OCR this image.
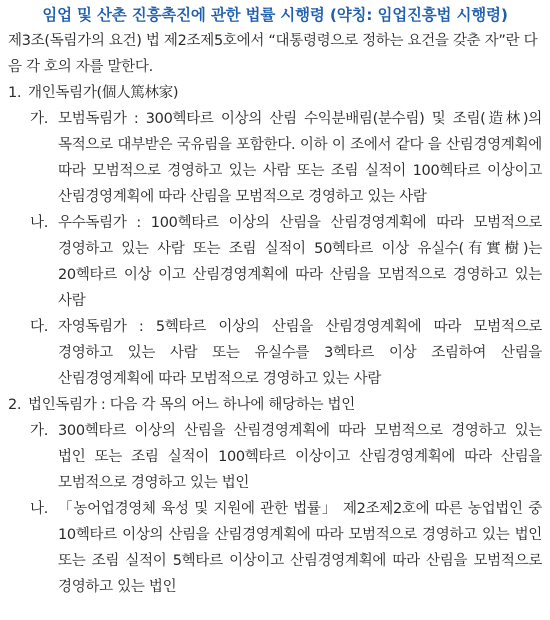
임업 및 산촌 진흥촉진에 관한 법률 시행령 (약칭: 임업진흥법 시행령)

제3조(독림가의 요건) 법 제2조제5호에서 “대통령령으로 정하는 요건을 갖춘 자”란 다음 각 호의 자를 말한다.

1. 개인독림가(個人篤林家)
가. 모범독림가 : 300헥타르 이상의 산림 수익분배림(분수림) 및 조림(造林)의 목적으로 대부받은 국유림을 포함한다. 이하 이 조에서 같다 을 산림경영계획에 따라 모범적으로 경영하고 있는 사람 또는 조림 실적이 100헥타르 이상이고 산림경영계획에 따라 산림을 모범적으로 경영하고 있는 사람
나. 우수독림가 : 100헥타르 이상의 산림을 산림경영계획에 따라 모범적으로 경영하고 있는 사람 또는 조림 실적이 50헥타르 이상 유실수(有實樹)는 20헥타르 이상 이고 산림경영계획에 따라 산림을 모범적으로 경영하고 있는 사람
다. 자영독림가 : 5헥타르 이상의 산림을 산림경영계획에 따라 모범적으로 경영하고 있는 사람 또는 유실수를 3헥타르 이상 조림하여 산림을 산림경영계획에 따라 모범적으로 경영하고 있는 사람
2. 법인독림가 : 다음 각 목의 어느 하나에 해당하는 법인
가. 300헥타르 이상의 산림을 산림경영계획에 따라 모범적으로 경영하고 있는 법인 또는 조림 실적이 100헥타르 이상이고 산림경영계획에 따라 산림을 모범적으로 경영하고 있는 법인
나. 「농어업경영체 육성 및 지원에 관한 법률」 제2조제2호에 따른 농업법인 중 10헥타르 이상의 산림을 산림경영계획에 따라 모범적으로 경영하고 있는 법인 또는 조림 실적이 5헥타르 이상이고 산림경영계획에 따라 산림을 모범적으로 경영하고 있는 법인
